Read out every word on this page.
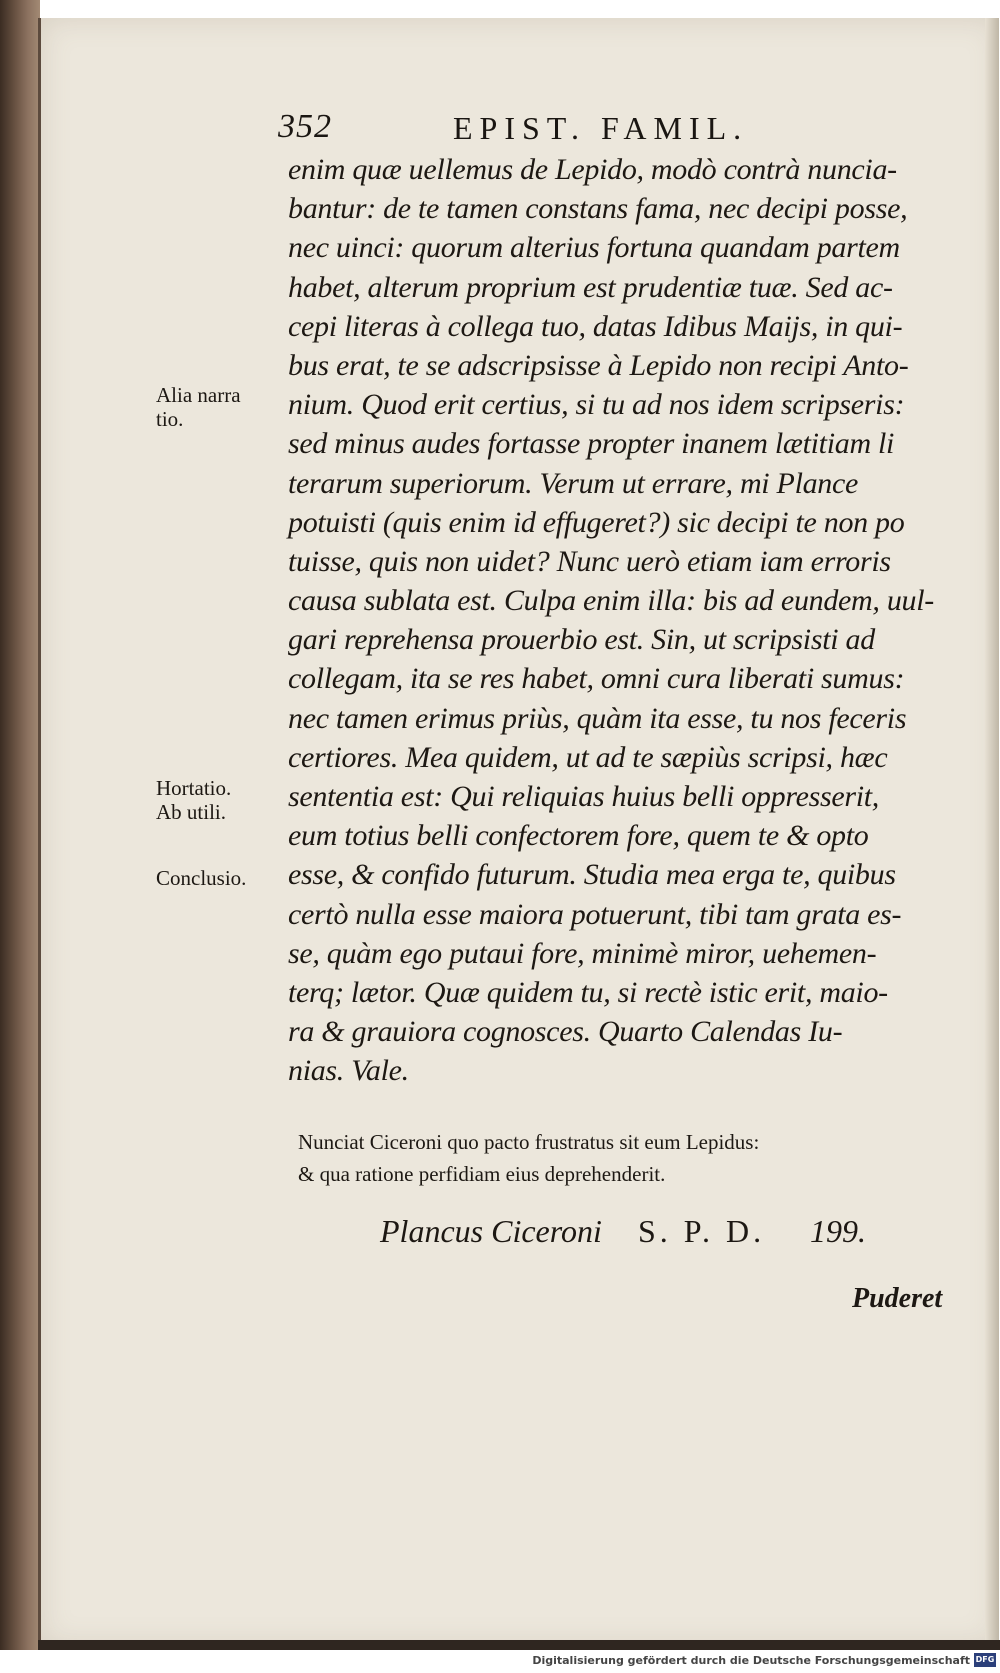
352	EPIST. FAMIL.
enim quæ uellemus de Lepido, modò contrà nuncia-
bantur: de te tamen constans fama, nec decipi posse,
nec uinci: quorum alterius fortuna quandam partem
habet, alterum proprium est prudentiæ tuæ. Sed ac-
cepi literas à collega tuo, datas Idibus Maijs, in qui-
bus erat, te se adscripsisse à Lepido non recipi Anto-
nium. Quod erit certius, si tu ad nos idem scripseris:
sed minus audes fortasse propter inanem lætitiam li
terarum superiorum. Verum ut errare, mi Plance
potuisti (quis enim id effugeret?) sic decipi te non po
tuisse, quis non uidet? Nunc uerò etiam iam erroris
causa sublata est. Culpa enim illa: bis ad eundem, uul-
gari reprehensa prouerbio est. Sin, ut scripsisti ad
collegam, ita se res habet, omni cura liberati sumus:
nec tamen erimus priùs, quàm ita esse, tu nos feceris
certiores. Mea quidem, ut ad te sæpiùs scripsi, hæc
sententia est: Qui reliquias huius belli oppresserit,
eum totius belli confectorem fore, quem te & opto
esse, & confido futurum. Studia mea erga te, quibus
certò nulla esse maiora potuerunt, tibi tam grata es-
se, quàm ego putaui fore, minimè miror, uehemen-
terq; lætor. Quæ quidem tu, si rectè istic erit, maio-
ra & grauiora cognosces. Quarto Calendas Iu-
nias. Vale.
Alia narra
tio.
Hortatio.
Ab utili.
Conclusio.
Nunciat Ciceroni quo pacto frustratus sit eum Lepidus:
& qua ratione perfidiam eius deprehenderit.
Plancus Ciceroni S. P. D. 199.
Puderet
Digitalisierung gefördert durch die Deutsche Forschungsgemeinschaft DFG
